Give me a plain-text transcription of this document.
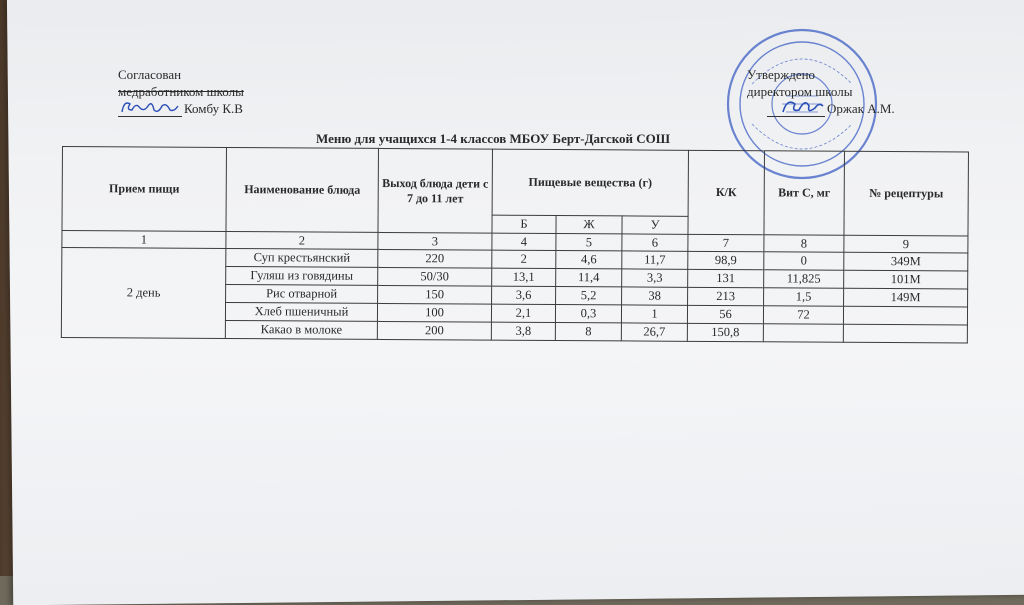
Согласован
медработником школы
Комбу К.В
Утверждено
директором школы
Оржак А.М.
Меню для учащихся 1-4 классов МБОУ Берт-Дагской СОШ
Прием пищи	Наименование блюда	Выход блюда дети с 7 до 11 лет	Пищевые вещества (г)			К/К	Вит С, мг	№ рецептуры
			Б	Ж	У			
1	2	3	4	5	6	7	8	9
2 день	Суп крестьянский	220	2	4,6	11,7	98,9	0	349М
	Гуляш из говядины	50/30	13,1	11,4	3,3	131	11,825	101М
	Рис отварной	150	3,6	5,2	38	213	1,5	149М
	Хлеб пшеничный	100	2,1	0,3	1	56	72	
	Какао в молоке	200	3,8	8	26,7	150,8		
